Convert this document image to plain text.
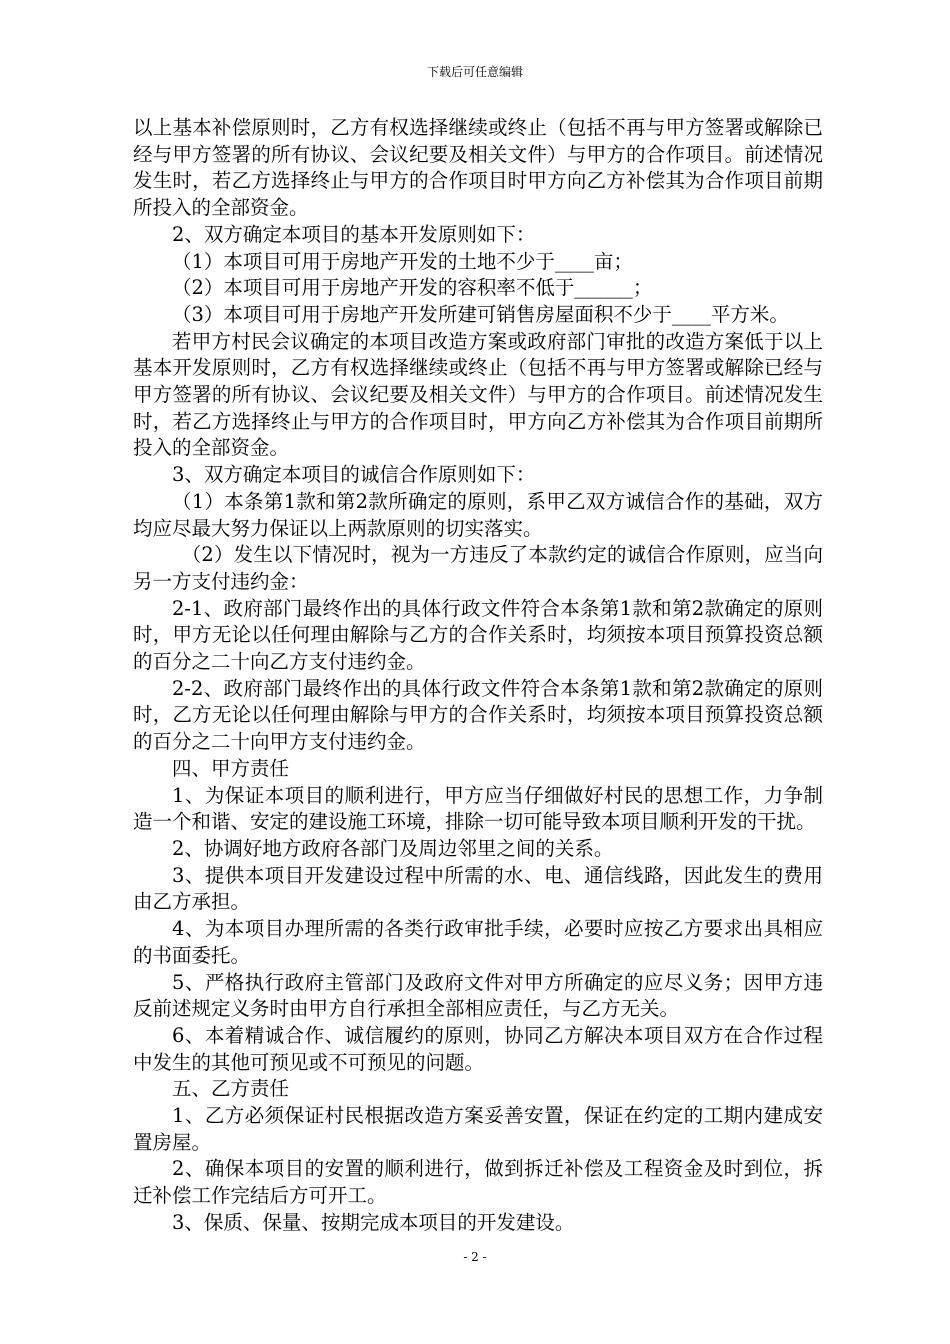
下载后可任意编辑

以上基本补偿原则时，乙方有权选择继续或终止（包括不再与甲方签署或解除已经与甲方签署的所有协议、会议纪要及相关文件）与甲方的合作项目。前述情况发生时，若乙方选择终止与甲方的合作项目时甲方向乙方补偿其为合作项目前期所投入的全部资金。

2、双方确定本项目的基本开发原则如下：

（1）本项目可用于房地产开发的土地不少于____亩；

（2）本项目可用于房地产开发的容积率不低于______；

（3）本项目可用于房地产开发所建可销售房屋面积不少于____平方米。

若甲方村民会议确定的本项目改造方案或政府部门审批的改造方案低于以上基本开发原则时，乙方有权选择继续或终止（包括不再与甲方签署或解除已经与甲方签署的所有协议、会议纪要及相关文件）与甲方的合作项目。前述情况发生时，若乙方选择终止与甲方的合作项目时，甲方向乙方补偿其为合作项目前期所投入的全部资金。

3、双方确定本项目的诚信合作原则如下：

（1）本条第1款和第2款所确定的原则，系甲乙双方诚信合作的基础，双方均应尽最大努力保证以上两款原则的切实落实。

（2）发生以下情况时，视为一方违反了本款约定的诚信合作原则，应当向另一方支付违约金：

2-1、政府部门最终作出的具体行政文件符合本条第1款和第2款确定的原则时，甲方无论以任何理由解除与乙方的合作关系时，均须按本项目预算投资总额的百分之二十向乙方支付违约金。

2-2、政府部门最终作出的具体行政文件符合本条第1款和第2款确定的原则时，乙方无论以任何理由解除与甲方的合作关系时，均须按本项目预算投资总额的百分之二十向甲方支付违约金。

四、甲方责任

1、为保证本项目的顺利进行，甲方应当仔细做好村民的思想工作，力争制造一个和谐、安定的建设施工环境，排除一切可能导致本项目顺利开发的干扰。

2、协调好地方政府各部门及周边邻里之间的关系。

3、提供本项目开发建设过程中所需的水、电、通信线路，因此发生的费用由乙方承担。

4、为本项目办理所需的各类行政审批手续，必要时应按乙方要求出具相应的书面委托。

5、严格执行政府主管部门及政府文件对甲方所确定的应尽义务；因甲方违反前述规定义务时由甲方自行承担全部相应责任，与乙方无关。

6、本着精诚合作、诚信履约的原则，协同乙方解决本项目双方在合作过程中发生的其他可预见或不可预见的问题。

五、乙方责任

1、乙方必须保证村民根据改造方案妥善安置，保证在约定的工期内建成安置房屋。

2、确保本项目的安置的顺利进行，做到拆迁补偿及工程资金及时到位，拆迁补偿工作完结后方可开工。

3、保质、保量、按期完成本项目的开发建设。

- 2 -
